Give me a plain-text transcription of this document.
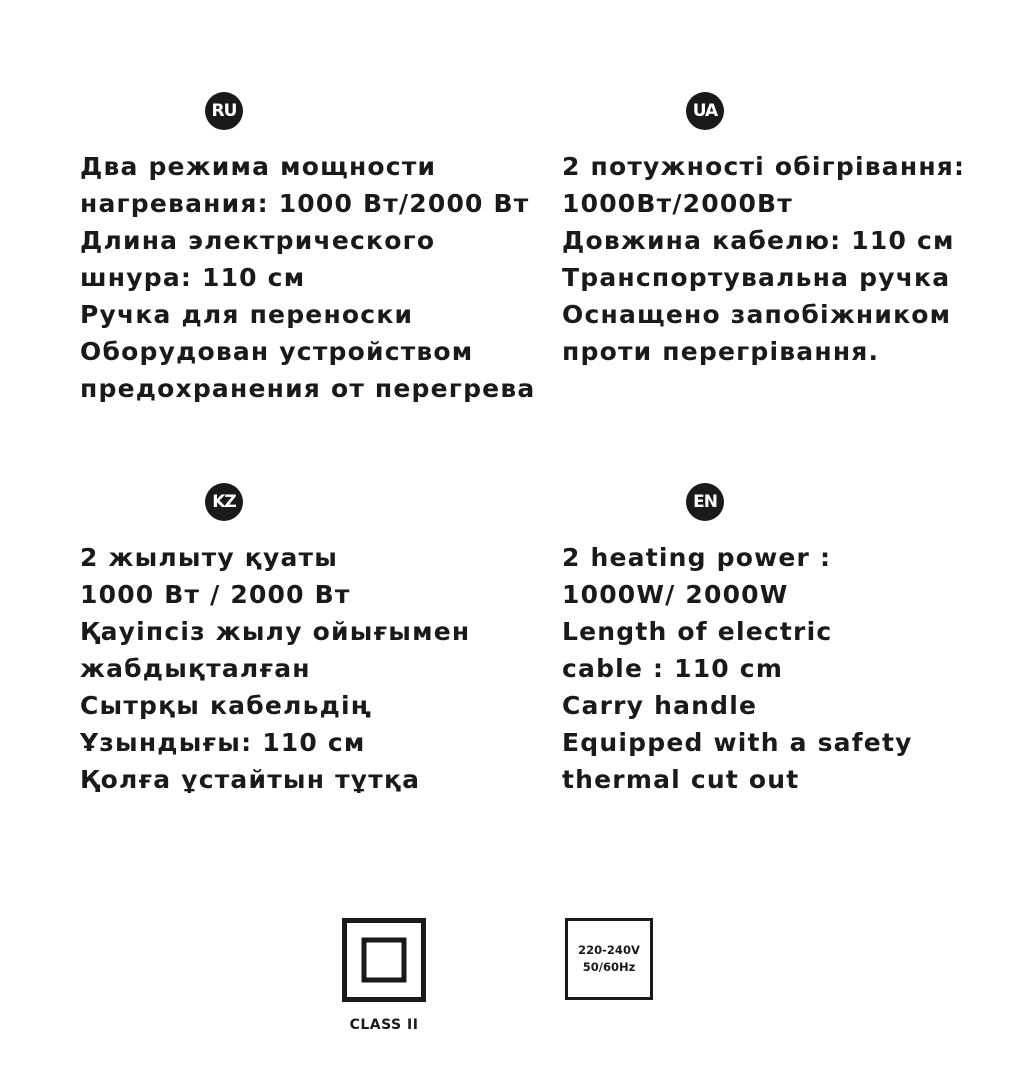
RU
Два режима мощности
нагревания: 1000 Вт/2000 Вт
Длина электрического
шнура: 110 см
Ручка для переноски
Оборудован устройством
предохранения от перегрева
UA
2 потужності обігрівання:
1000Вт/2000Вт
Довжина кабелю: 110 см
Транспортувальна ручка
Оснащено запобіжником
проти перегрівання.
KZ
2 жылыту қуаты
1000 Вт / 2000 Вт
Қауіпсіз жылу ойығымен
жабдықталған
Сытрқы кабельдің
Ұзындығы: 110 см
Қолға ұстайтын тұтқа
EN
2 heating power :
1000W/ 2000W
Length of electric
cable : 110 cm
Carry handle
Equipped with a safety
thermal cut out
CLASS II
220-240V
50/60Hz
